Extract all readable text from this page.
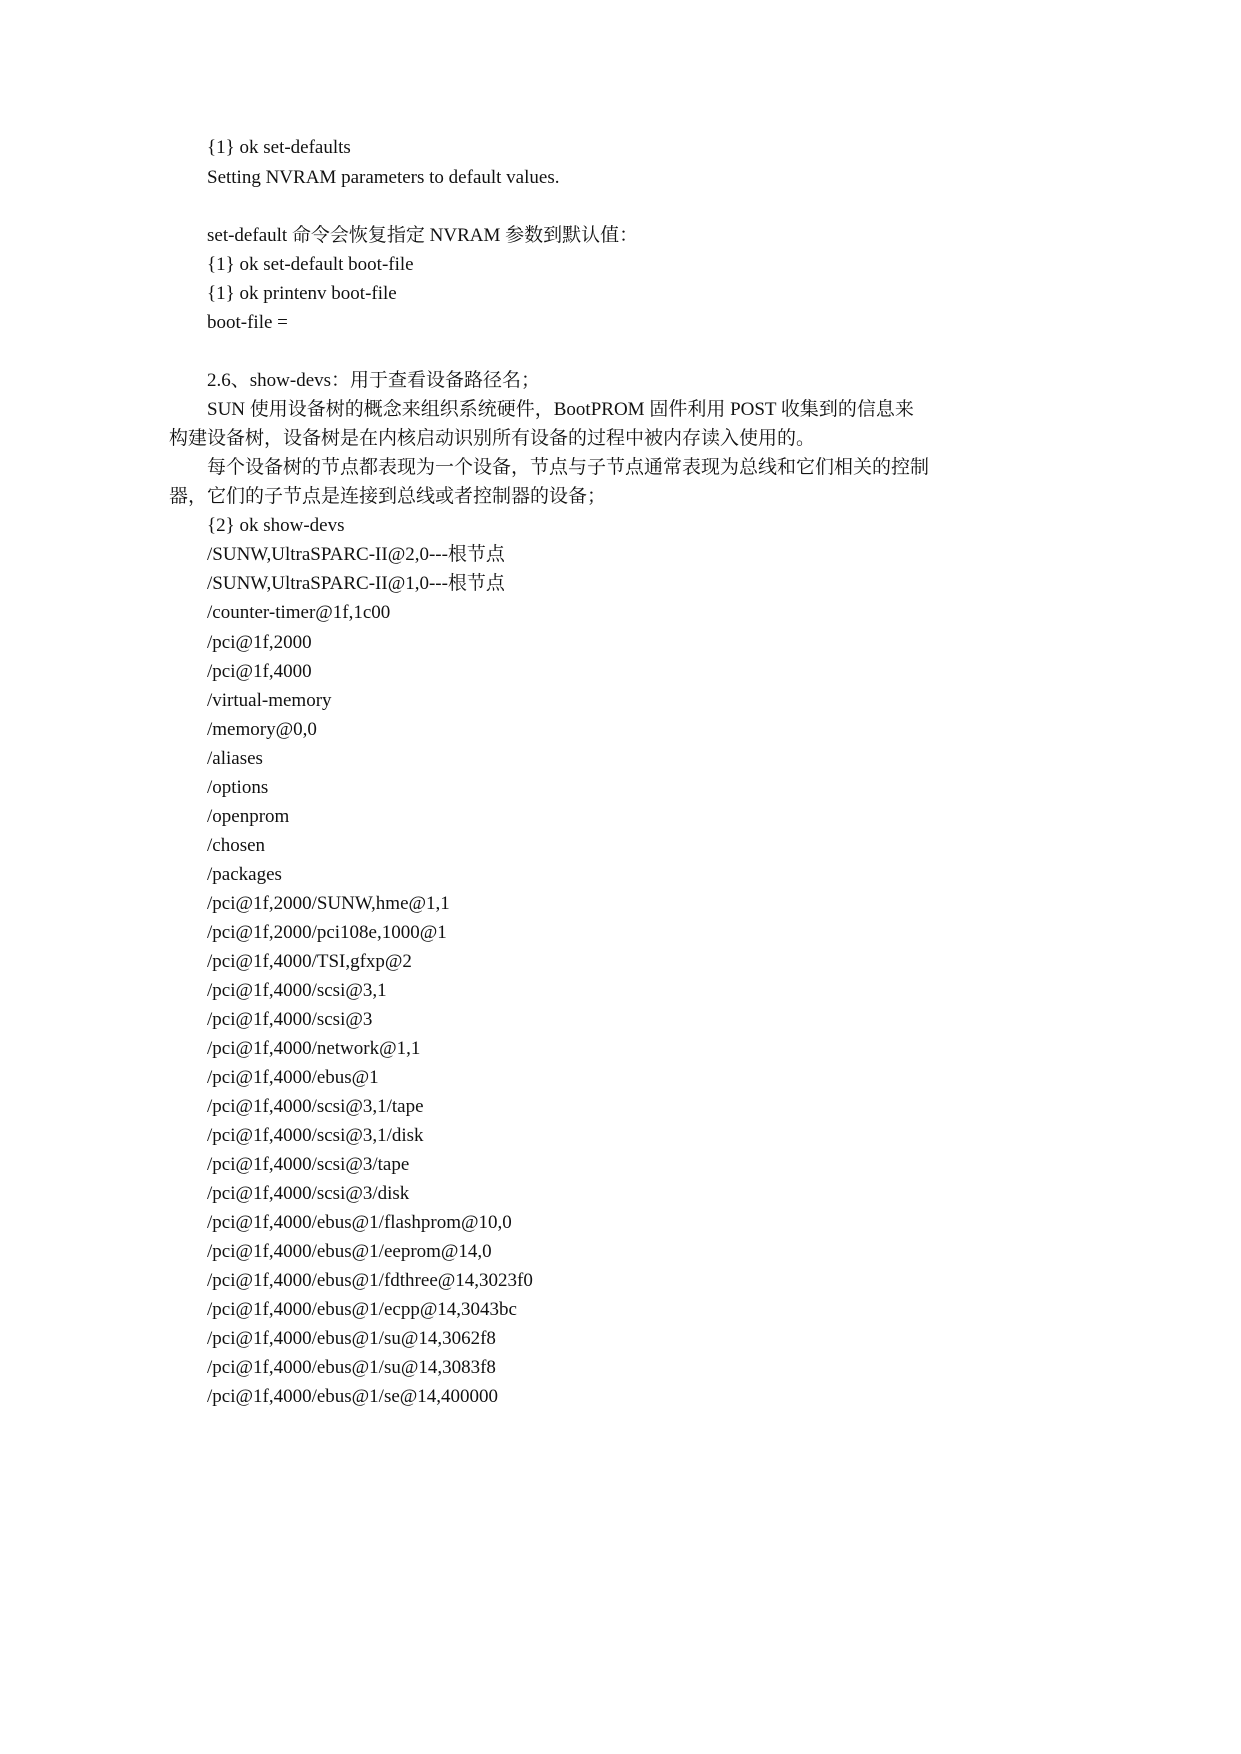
{1} ok set-defaults
Setting NVRAM parameters to default values.
set-default 命令会恢复指定 NVRAM 参数到默认值：
{1} ok set-default boot-file
{1} ok printenv boot-file
boot-file =
2.6、show-devs：用于查看设备路径名；
SUN 使用设备树的概念来组织系统硬件，BootPROM 固件利用 POST 收集到的信息来
构建设备树，设备树是在内核启动识别所有设备的过程中被内存读入使用的。
每个设备树的节点都表现为一个设备，节点与子节点通常表现为总线和它们相关的控制
器，它们的子节点是连接到总线或者控制器的设备；
{2} ok show-devs
/SUNW,UltraSPARC-II@2,0---根节点
/SUNW,UltraSPARC-II@1,0---根节点
/counter-timer@1f,1c00
/pci@1f,2000
/pci@1f,4000
/virtual-memory
/memory@0,0
/aliases
/options
/openprom
/chosen
/packages
/pci@1f,2000/SUNW,hme@1,1
/pci@1f,2000/pci108e,1000@1
/pci@1f,4000/TSI,gfxp@2
/pci@1f,4000/scsi@3,1
/pci@1f,4000/scsi@3
/pci@1f,4000/network@1,1
/pci@1f,4000/ebus@1
/pci@1f,4000/scsi@3,1/tape
/pci@1f,4000/scsi@3,1/disk
/pci@1f,4000/scsi@3/tape
/pci@1f,4000/scsi@3/disk
/pci@1f,4000/ebus@1/flashprom@10,0
/pci@1f,4000/ebus@1/eeprom@14,0
/pci@1f,4000/ebus@1/fdthree@14,3023f0
/pci@1f,4000/ebus@1/ecpp@14,3043bc
/pci@1f,4000/ebus@1/su@14,3062f8
/pci@1f,4000/ebus@1/su@14,3083f8
/pci@1f,4000/ebus@1/se@14,400000
